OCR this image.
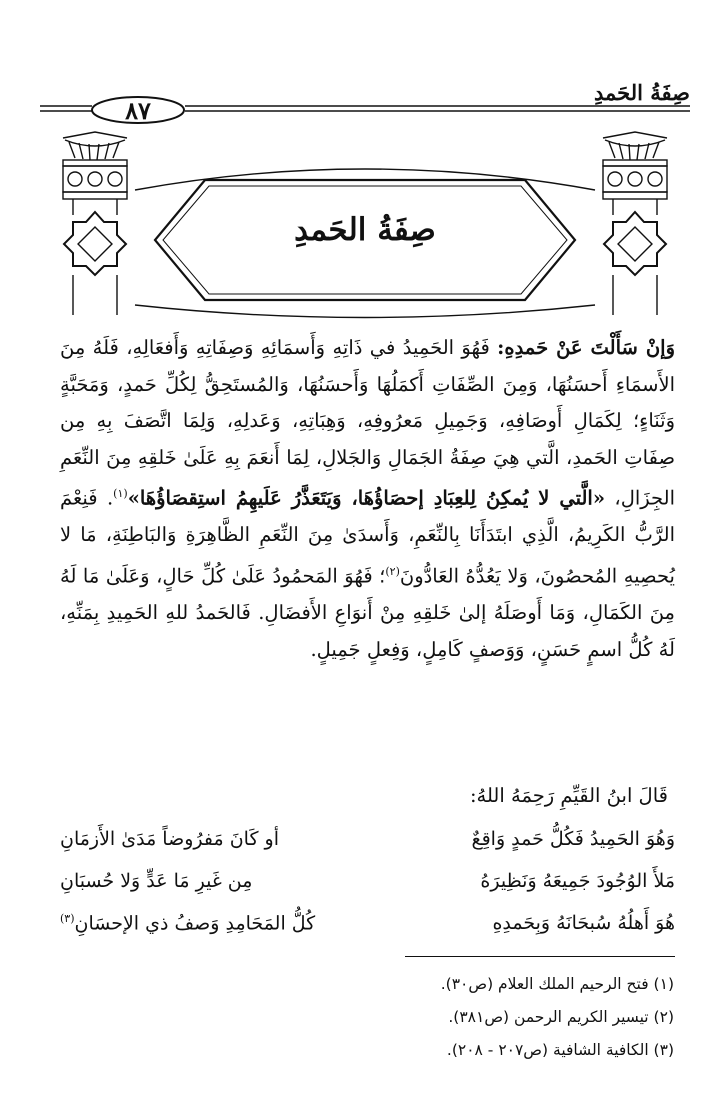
صِفَةُ الحَمدِ
٨٧
صِفَةُ الحَمدِ
وَإنْ سَأَلْتَ عَنْ حَمدِهِ: فَهُوَ الحَمِيدُ في ذَاتِهِ وَأَسمَائِهِ وَصِفَاتِهِ وَأَفعَالِهِ، فَلَهُ مِنَ الأَسمَاءِ أَحسَنُهَا، وَمِنَ الصِّفَاتِ أَكمَلُهَا وَأَحسَنُهَا، وَالمُستَحِقُّ لِكُلِّ حَمدٍ، وَمَحَبَّةٍ وَثَنَاءٍ؛ لِكَمَالِ أَوصَافِهِ، وَجَمِيلِ مَعرُوفِهِ، وَهِبَاتِهِ، وَعَدلِهِ، وَلِمَا اتَّصَفَ بِهِ مِن صِفَاتِ الحَمدِ، الَّتي هِيَ صِفَةُ الجَمَالِ وَالجَلالِ، لِمَا أَنعَمَ بِهِ عَلَىٰ خَلقِهِ مِنَ النِّعَمِ الجِزَالِ، «الَّتي لا يُمكِنُ لِلعِبَادِ إحصَاؤُهَا، وَيَتَعَذَّرُ عَلَيهِمُ استِقصَاؤُهَا»$^{(١)}$. فَنِعْمَ الرَّبُّ الكَرِيمُ، الَّذِي ابتَدَأَنَا بِالنِّعَمِ، وَأَسدَىٰ مِنَ النِّعَمِ الظَّاهِرَةِ وَالبَاطِنَةِ، مَا لا يُحصِيهِ المُحصُونَ، وَلا يَعُدُّهُ العَادُّونَ$^{(٢)}$؛ فَهُوَ المَحمُودُ عَلَىٰ كُلِّ حَالٍ، وَعَلَىٰ مَا لَهُ مِنَ الكَمَالِ، وَمَا أَوصَلَهُ إلىٰ خَلقِهِ مِنْ أَنوَاعِ الأَفضَالِ. فَالحَمدُ للهِ الحَمِيدِ بِمَنِّهِ، لَهُ كُلُّ اسمٍ حَسَنٍ، وَوَصفٍ كَامِلٍ، وَفِعلٍ جَمِيلٍ.
قَالَ ابنُ القَيِّمِ رَحِمَهُ اللهُ:
وَهُوَ الحَمِيدُ فَكُلُّ حَمدٍ وَاقِعٌ
أو كَانَ مَفرُوضاً مَدَىٰ الأَزمَانِ
مَلأَ الوُجُودَ جَمِيعَهُ وَنَظِيرَهُ
مِن غَيرِ مَا عَدٍّ وَلا حُسبَانِ
هُوَ أَهلُهُ سُبحَانَهُ وَبِحَمدِهِ
كُلُّ المَحَامِدِ وَصفُ ذي الإحسَانِ$^{(٣)}$
(١) فتح الرحيم الملك العلام (ص٣٠).
(٢) تيسير الكريم الرحمن (ص٣٨١).
(٣) الكافية الشافية (ص٢٠٧ - ٢٠٨).
